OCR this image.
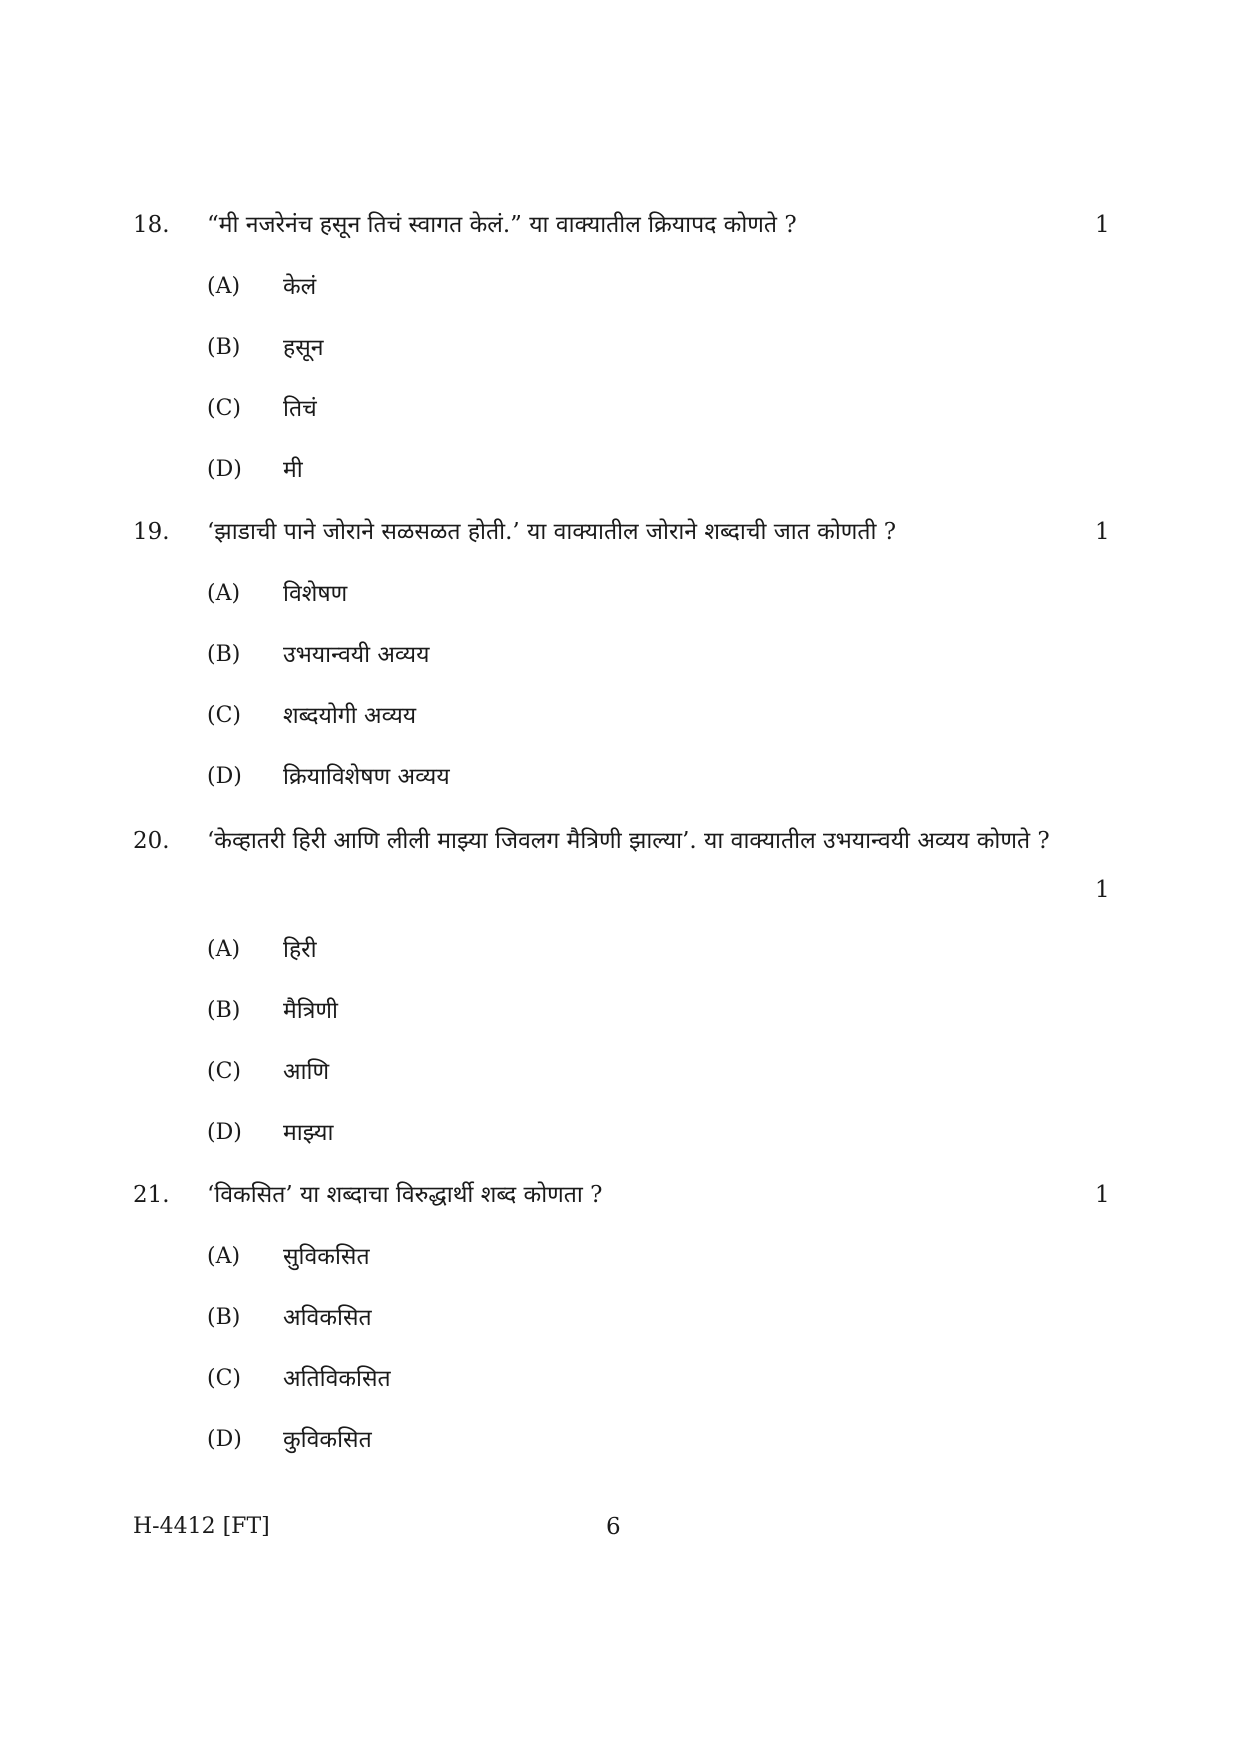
18. “मी नजरेनंच हसून तिचं स्वागत केलं.” या वाक्यातील क्रियापद कोणते ?	1
(A) केलं
(B) हसून
(C) तिचं
(D) मी
19. ‘झाडाची पाने जोराने सळसळत होती.’ या वाक्यातील जोराने शब्दाची जात कोणती ?	1
(A) विशेषण
(B) उभयान्वयी अव्यय
(C) शब्दयोगी अव्यय
(D) क्रियाविशेषण अव्यय
20. ‘केव्हातरी हिरी आणि लीली माझ्या जिवलग मैत्रिणी झाल्या’. या वाक्यातील उभयान्वयी अव्यय कोणते ?
1
(A) हिरी
(B) मैत्रिणी
(C) आणि
(D) माझ्या
21. ‘विकसित’ या शब्दाचा विरुद्धार्थी शब्द कोणता ?	1
(A) सुविकसित
(B) अविकसित
(C) अतिविकसित
(D) कुविकसित
H-4412 [FT]	6
